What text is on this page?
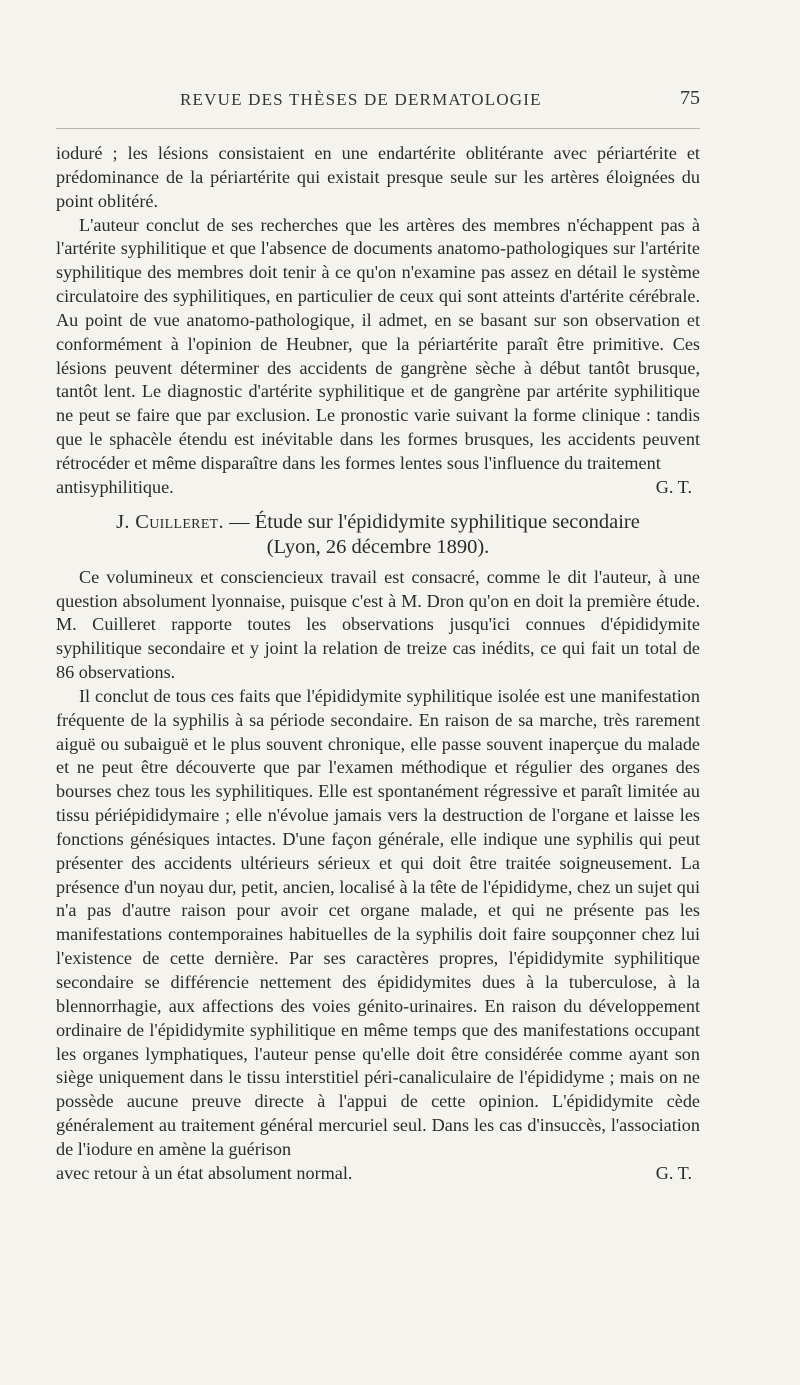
REVUE DES THÈSES DE DERMATOLOGIE	75

ioduré ; les lésions consistaient en une endartérite oblitérante avec périartérite et prédominance de la périartérite qui existait presque seule sur les artères éloignées du point oblitéré.

L'auteur conclut de ses recherches que les artères des membres n'échappent pas à l'artérite syphilitique et que l'absence de documents anatomo-pathologiques sur l'artérite syphilitique des membres doit tenir à ce qu'on n'examine pas assez en détail le système circulatoire des syphilitiques, en particulier de ceux qui sont atteints d'artérite cérébrale. Au point de vue anatomo-pathologique, il admet, en se basant sur son observation et conformément à l'opinion de Heubner, que la périartérite paraît être primitive. Ces lésions peuvent déterminer des accidents de gangrène sèche à début tantôt brusque, tantôt lent. Le diagnostic d'artérite syphilitique et de gangrène par artérite syphilitique ne peut se faire que par exclusion. Le pronostic varie suivant la forme clinique : tandis que le sphacèle étendu est inévitable dans les formes brusques, les accidents peuvent rétrocéder et même disparaître dans les formes lentes sous l'influence du traitement

antisyphilitique.	G. T.
J. Cuilleret. — Étude sur l'épididymite syphilitique secondaire
(Lyon, 26 décembre 1890).

Ce volumineux et consciencieux travail est consacré, comme le dit l'auteur, à une question absolument lyonnaise, puisque c'est à M. Dron qu'on en doit la première étude. M. Cuilleret rapporte toutes les observations jusqu'ici connues d'épididymite syphilitique secondaire et y joint la relation de treize cas inédits, ce qui fait un total de 86 observations.

Il conclut de tous ces faits que l'épididymite syphilitique isolée est une manifestation fréquente de la syphilis à sa période secondaire. En raison de sa marche, très rarement aiguë ou subaiguë et le plus souvent chronique, elle passe souvent inaperçue du malade et ne peut être découverte que par l'examen méthodique et régulier des organes des bourses chez tous les syphilitiques. Elle est spontanément régressive et paraît limitée au tissu périépididymaire ; elle n'évolue jamais vers la destruction de l'organe et laisse les fonctions génésiques intactes. D'une façon générale, elle indique une syphilis qui peut présenter des accidents ultérieurs sérieux et qui doit être traitée soigneusement. La présence d'un noyau dur, petit, ancien, localisé à la tête de l'épididyme, chez un sujet qui n'a pas d'autre raison pour avoir cet organe malade, et qui ne présente pas les manifestations contemporaines habituelles de la syphilis doit faire soupçonner chez lui l'existence de cette dernière. Par ses caractères propres, l'épididymite syphilitique secondaire se différencie nettement des épididymites dues à la tuberculose, à la blennorrhagie, aux affections des voies génito-urinaires. En raison du développement ordinaire de l'épididymite syphilitique en même temps que des manifestations occupant les organes lymphatiques, l'auteur pense qu'elle doit être considérée comme ayant son siège uniquement dans le tissu interstitiel péri-canaliculaire de l'épididyme ; mais on ne possède aucune preuve directe à l'appui de cette opinion. L'épididymite cède généralement au traitement général mercuriel seul. Dans les cas d'insuccès, l'association de l'iodure en amène la guérison

avec retour à un état absolument normal.	G. T.
